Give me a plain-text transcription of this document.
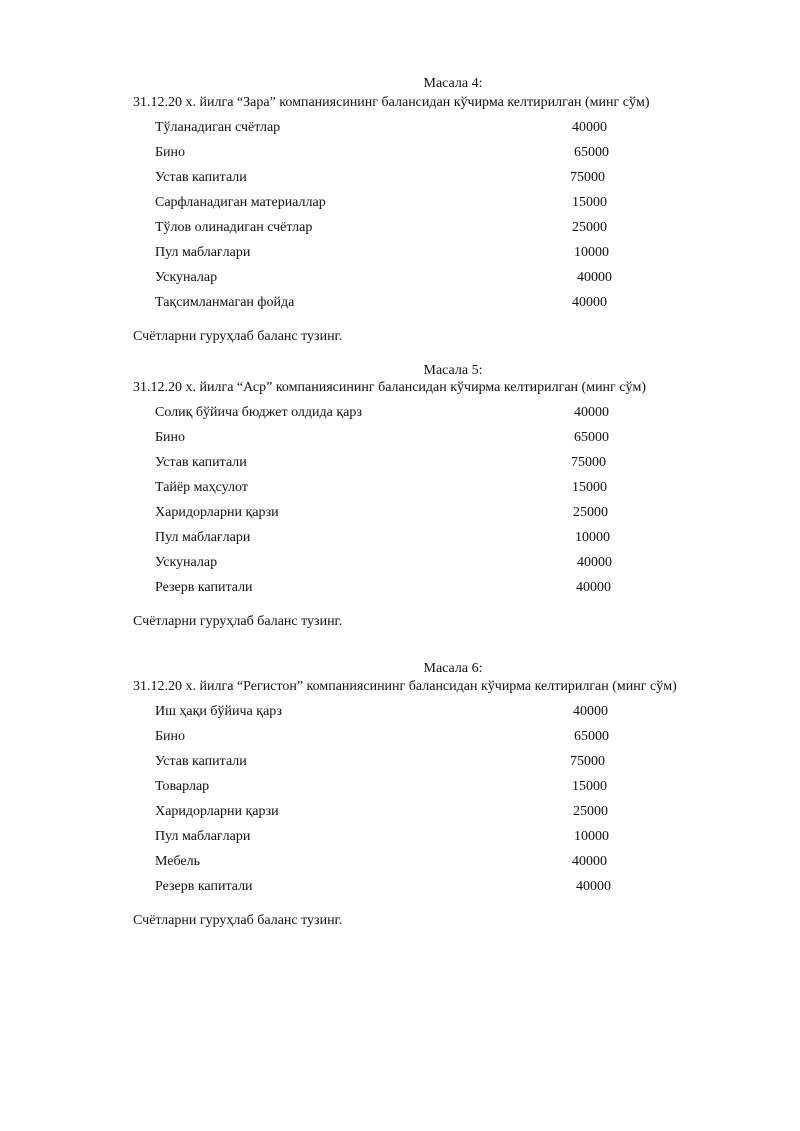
Масала 4:
31.12.20 х. йилга “Зара” компаниясининг балансидан кўчирма келтирилган (минг сўм)
Тўланадиган счётлар	40000
Бино	65000
Устав капитали	75000
Сарфланадиган материаллар	15000
Тўлов олинадиган счётлар	25000
Пул маблағлари	10000
Ускуналар	40000
Тақсимланмаган фойда	40000
Счётларни гуруҳлаб баланс тузинг.
Масала 5:
31.12.20 х. йилга “Аср” компаниясининг балансидан кўчирма келтирилган (минг сўм)
Солиқ бўйича бюджет олдида қарз	40000
Бино	65000
Устав капитали	75000
Тайёр маҳсулот	15000
Харидорларни қарзи	25000
Пул маблағлари	10000
Ускуналар	40000
Резерв капитали	40000
Счётларни гуруҳлаб баланс тузинг.
Масала 6:
31.12.20 х. йилга “Регистон” компаниясининг балансидан кўчирма келтирилган (минг сўм)
Иш ҳақи бўйича қарз	40000
Бино	65000
Устав капитали	75000
Товарлар	15000
Харидорларни қарзи	25000
Пул маблағлари	10000
Мебель	40000
Резерв капитали	40000
Счётларни гуруҳлаб баланс тузинг.
